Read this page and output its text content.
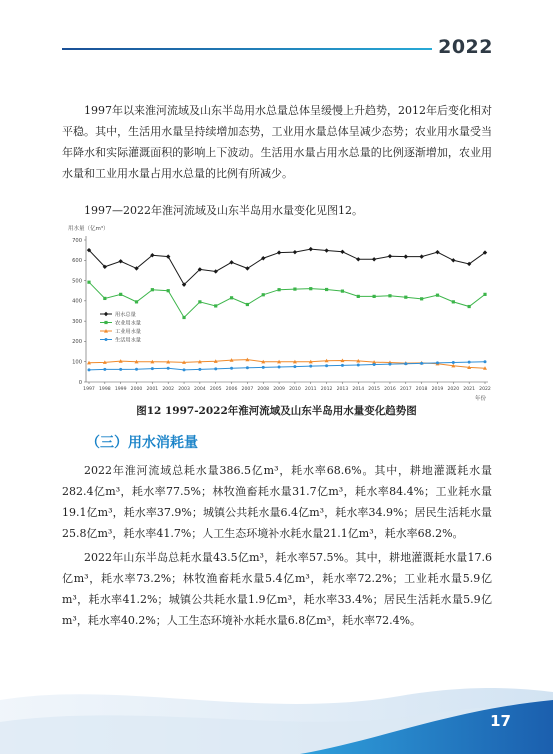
2022

1997年以来淮河流域及山东半岛用水总量总体呈缓慢上升趋势，2012年后变化相对平稳。其中，生活用水量呈持续增加态势，工业用水量总体呈减少态势；农业用水量受当年降水和实际灌溉面积的影响上下波动。生活用水量占用水总量的比例逐渐增加，农业用水量和工业用水量占用水总量的比例有所减少。

1997—2022年淮河流域及山东半岛用水量变化见图12。

用水量（亿m³）
年份
0
100
200
300
400
500
600
700
1997 1998 1999 2000 2001 2002 2003 2004 2005 2006 2007 2008 2009 2010 2011 2012 2013 2014 2015 2016 2017 2018 2019 2020 2021 2022
用水总量
农业用水量
工业用水量
生活用水量
图12 1997-2022年淮河流域及山东半岛用水量变化趋势图
（三）用水消耗量

2022年淮河流域总耗水量386.5亿m³，耗水率68.6%。其中，耕地灌溉耗水量282.4亿m³，耗水率77.5%；林牧渔畜耗水量31.7亿m³，耗水率84.4%；工业耗水量19.1亿m³，耗水率37.9%；城镇公共耗水量6.4亿m³，耗水率34.9%；居民生活耗水量25.8亿m³，耗水率41.7%；人工生态环境补水耗水量21.1亿m³，耗水率68.2%。

2022年山东半岛总耗水量43.5亿m³，耗水率57.5%。其中，耕地灌溉耗水量17.6亿m³，耗水率73.2%；林牧渔畜耗水量5.4亿m³，耗水率72.2%；工业耗水量5.9亿m³，耗水率41.2%；城镇公共耗水量1.9亿m³，耗水率33.4%；居民生活耗水量5.9亿m³，耗水率40.2%；人工生态环境补水耗水量6.8亿m³，耗水率72.4%。

17
